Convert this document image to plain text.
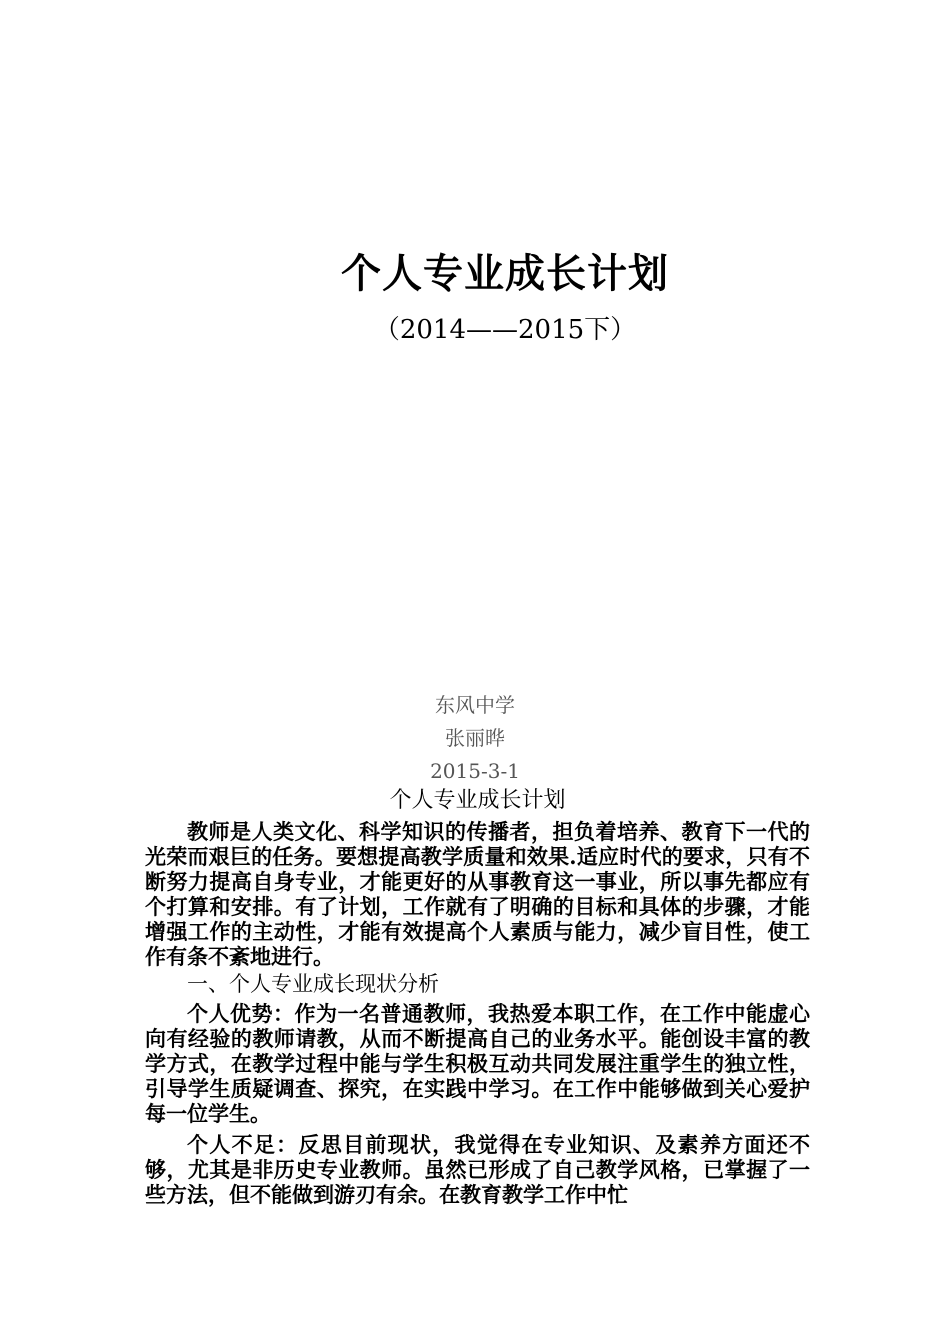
个人专业成长计划
（2014——2015下）
东风中学
张丽晔
2015-3-1
个人专业成长计划

教师是人类文化、科学知识的传播者，担负着培养、教育下一代的光荣而艰巨的任务。要想提高教学质量和效果.适应时代的要求，只有不断努力提高自身专业，才能更好的从事教育这一事业，所以事先都应有个打算和安排。有了计划，工作就有了明确的目标和具体的步骤，才能增强工作的主动性，才能有效提高个人素质与能力，减少盲目性，使工作有条不紊地进行。

一、个人专业成长现状分析

个人优势：作为一名普通教师，我热爱本职工作，在工作中能虚心向有经验的教师请教，从而不断提高自己的业务水平。能创设丰富的教学方式，在教学过程中能与学生积极互动共同发展注重学生的独立性，引导学生质疑调查、探究，在实践中学习。在工作中能够做到关心爱护每一位学生。

个人不足：反思目前现状，我觉得在专业知识、及素养方面还不够，尤其是非历史专业教师。虽然已形成了自己教学风格，已掌握了一些方法，但不能做到游刃有余。在教育教学工作中忙
